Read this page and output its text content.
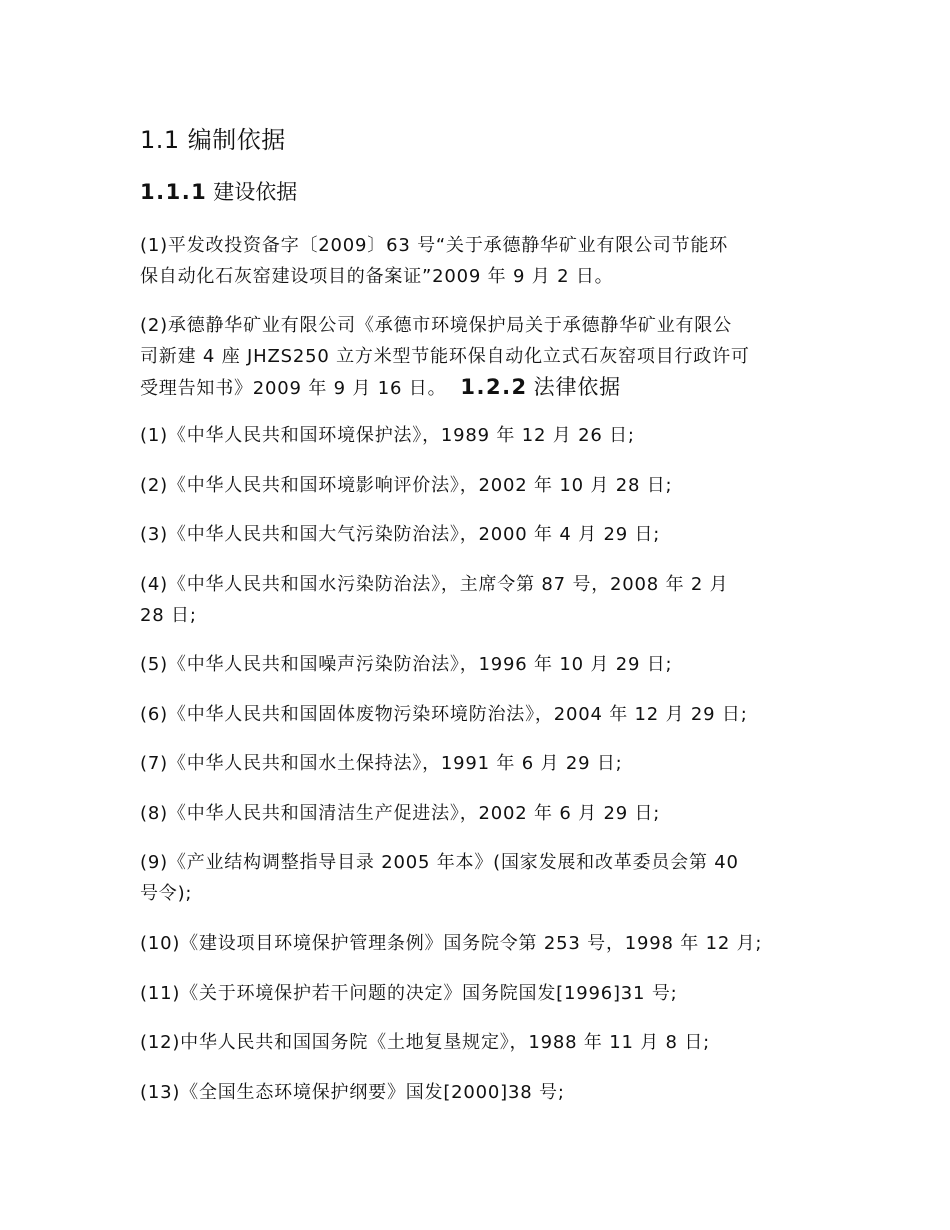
1.1 编制依据
1.1.1 建设依据
(1)平发改投资备字〔2009〕63 号“关于承德静华矿业有限公司节能环
保自动化石灰窑建设项目的备案证”2009 年 9 月 2 日。
(2)承德静华矿业有限公司《承德市环境保护局关于承德静华矿业有限公
司新建 4 座 JHZS250 立方米型节能环保自动化立式石灰窑项目行政许可
受理告知书》2009 年 9 月 16 日。 1.2.2 法律依据
(1)《中华人民共和国环境保护法》，1989 年 12 月 26 日;
(2)《中华人民共和国环境影响评价法》，2002 年 10 月 28 日;
(3)《中华人民共和国大气污染防治法》，2000 年 4 月 29 日;
(4)《中华人民共和国水污染防治法》，主席令第 87 号，2008 年 2 月
28 日;
(5)《中华人民共和国噪声污染防治法》，1996 年 10 月 29 日;
(6)《中华人民共和国固体废物污染环境防治法》，2004 年 12 月 29 日;
(7)《中华人民共和国水土保持法》，1991 年 6 月 29 日;
(8)《中华人民共和国清洁生产促进法》，2002 年 6 月 29 日;
(9)《产业结构调整指导目录 2005 年本》(国家发展和改革委员会第 40
号令);
(10)《建设项目环境保护管理条例》国务院令第 253 号，1998 年 12 月;
(11)《关于环境保护若干问题的决定》国务院国发[1996]31 号;
(12)中华人民共和国国务院《土地复垦规定》，1988 年 11 月 8 日;
(13)《全国生态环境保护纲要》国发[2000]38 号;
